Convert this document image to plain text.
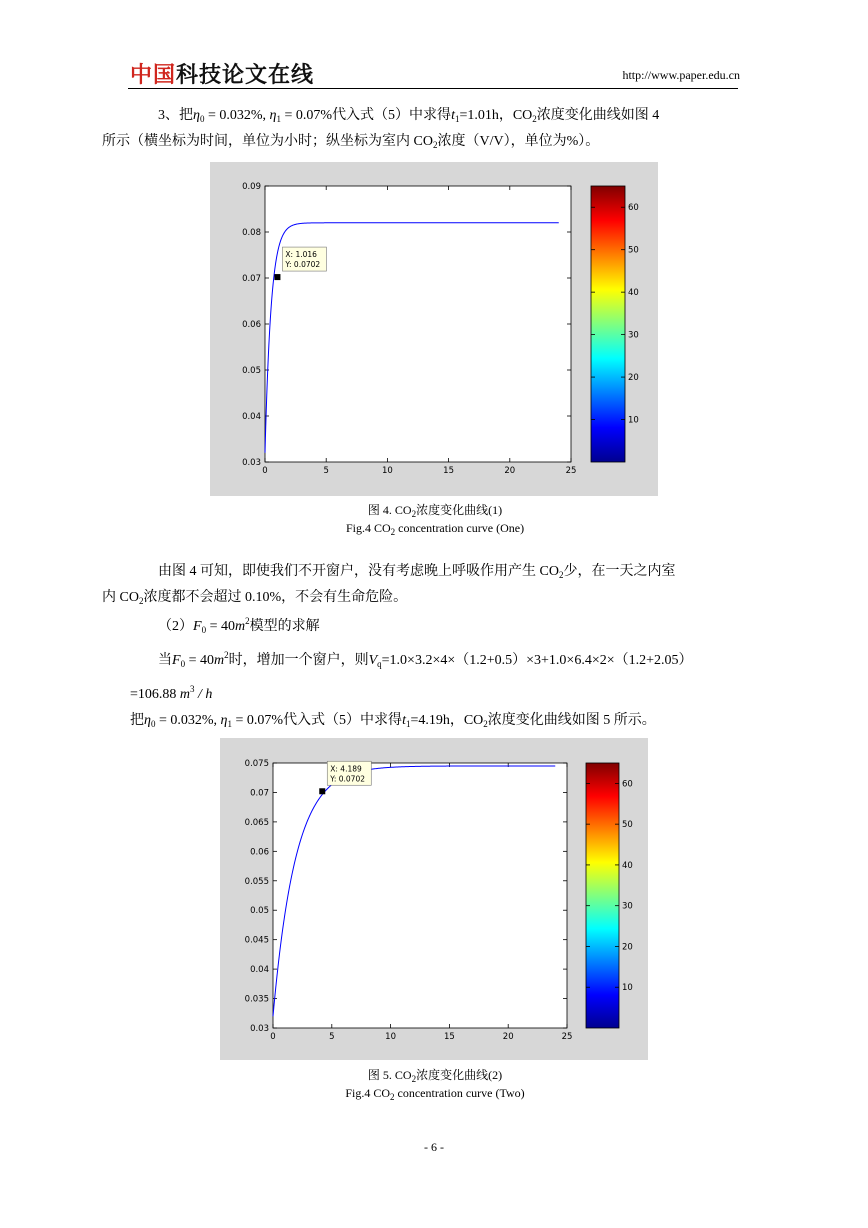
中国科技论文在线	http://www.paper.edu.cn
3、把$\eta_0 = 0.032\%$, $\eta_1 = 0.07\%$代入式（5）中求得$t_1=1.01h$，$CO_2$浓度变化曲线如图 4
所示（横坐标为时间，单位为小时；纵坐标为室内 $CO_2$浓度（V/V），单位为%）。
0.03
0.04
0.05
0.06
0.07
0.08
0.09
0	5	10	15	20	25
X: 1.016
Y: 0.0702
10
20
30
40
50
60
图 4. $CO_2$浓度变化曲线(1)
Fig.4 $CO_2$ concentration curve (One)
由图 4 可知，即使我们不开窗户，没有考虑晚上呼吸作用产生 $CO_2$少，在一天之内室
内 $CO_2$浓度都不会超过 0.10%，不会有生命危险。
$(2)F_0 = 40m^2$模型的求解
当$F_0 = 40m^2$时，增加一个窗户，则$V_q=1.0\times 3.2\times 4\times(1.2+0.5)\times 3+1.0\times 6.4\times 2\times(1.2+2.05)$
=106.88 $m^3$ / h
把$\eta_0 = 0.032\%$, $\eta_1 = 0.07\%$代入式（5）中求得$t_1=4.19h$，$CO_2$浓度变化曲线如图 5 所示。
0.03
0.035
0.04
0.045
0.05
0.055
0.06
0.065
0.07
0.075
0	5	10	15	20	25
X: 4.189
Y: 0.0702
10
20
30
40
50
60
图 5. $CO_2$浓度变化曲线(2)
Fig.4 $CO_2$ concentration curve (Two)
- 6 -
